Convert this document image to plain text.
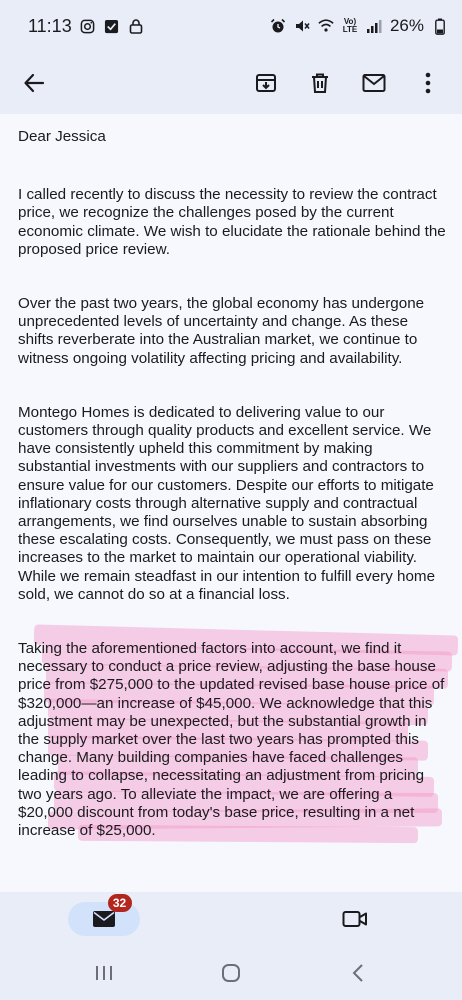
11:13	Vo) LTE 26%

Dear Jessica

I called recently to discuss the necessity to review the contract price, we recognize the challenges posed by the current economic climate. We wish to elucidate the rationale behind the proposed price review.

Over the past two years, the global economy has undergone unprecedented levels of uncertainty and change. As these shifts reverberate into the Australian market, we continue to witness ongoing volatility affecting pricing and availability.

Montego Homes is dedicated to delivering value to our customers through quality products and excellent service. We have consistently upheld this commitment by making substantial investments with our suppliers and contractors to ensure value for our customers. Despite our efforts to mitigate inflationary costs through alternative supply and contractual arrangements, we find ourselves unable to sustain absorbing these escalating costs. Consequently, we must pass on these increases to the market to maintain our operational viability. While we remain steadfast in our intention to fulfill every home sold, we cannot do so at a financial loss.

Taking the aforementioned factors into account, we find it necessary to conduct a price review, adjusting the base house price from $275,000 to the updated revised base house price of $320,000—an increase of $45,000. We acknowledge that this adjustment may be unexpected, but the substantial growth in the supply market over the last two years has prompted this change. Many building companies have faced challenges leading to collapse, necessitating an adjustment from pricing two years ago. To alleviate the impact, we are offering a $20,000 discount from today's base price, resulting in a net increase of $25,000.

32
